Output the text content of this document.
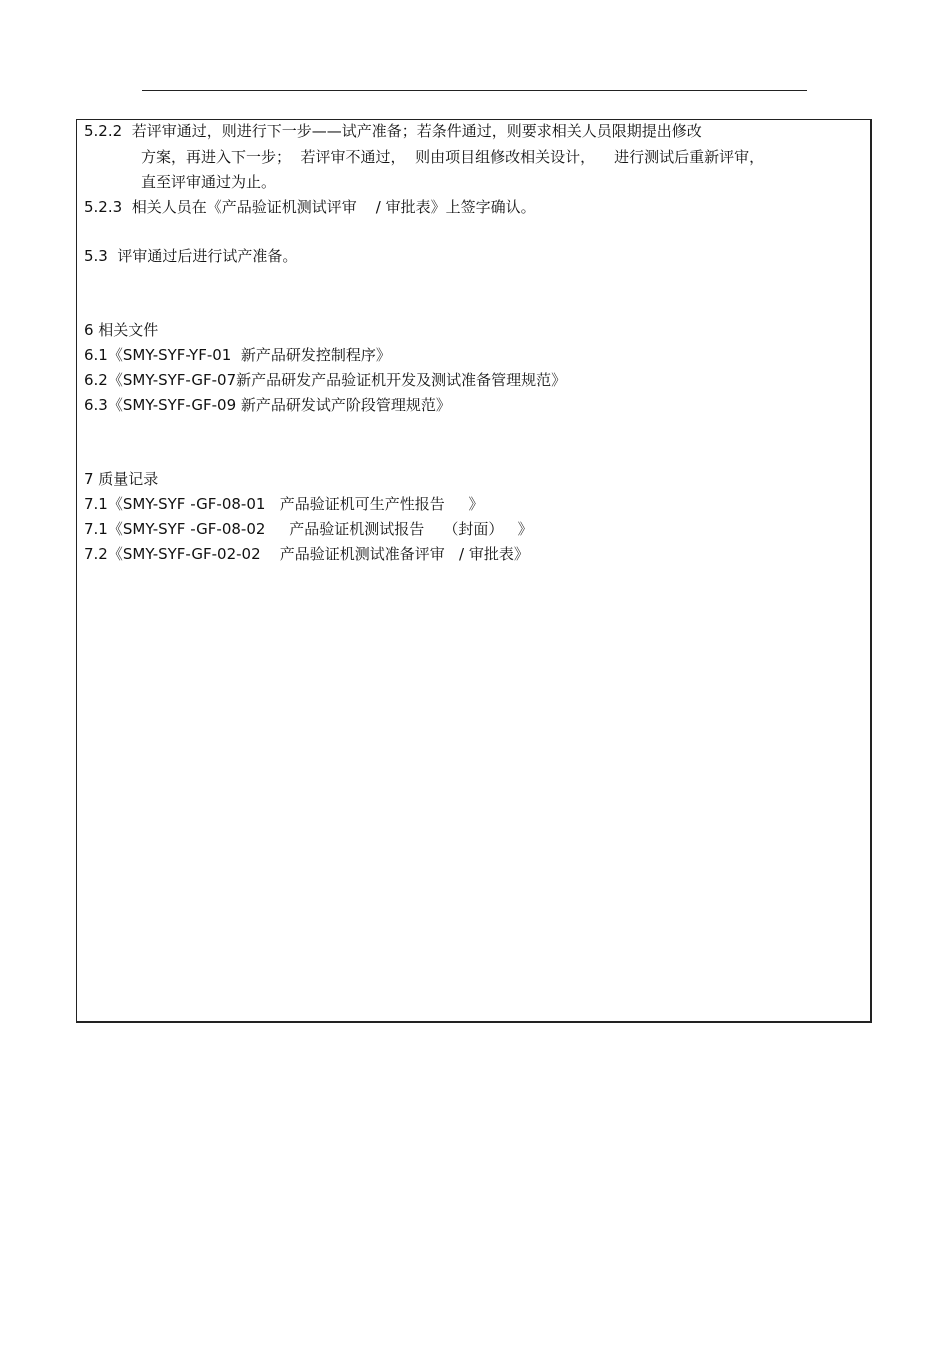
5.2.2  若评审通过，则进行下一步——试产准备；若条件通过，则要求相关人员限期提出修改
方案，再进入下一步；  若评审不通过，  则由项目组修改相关设计，    进行测试后重新评审，
直至评审通过为止。
5.2.3  相关人员在《产品验证机测试评审    / 审批表》上签字确认。
5.3  评审通过后进行试产准备。
6 相关文件
6.1《SMY-SYF-YF-01  新产品研发控制程序》
6.2《SMY-SYF-GF-07新产品研发产品验证机开发及测试准备管理规范》
6.3《SMY-SYF-GF-09 新产品研发试产阶段管理规范》
7 质量记录
7.1《SMY-SYF -GF-08-01   产品验证机可生产性报告     》
7.1《SMY-SYF -GF-08-02     产品验证机测试报告    （封面）   》
7.2《SMY-SYF-GF-02-02    产品验证机测试准备评审   / 审批表》
